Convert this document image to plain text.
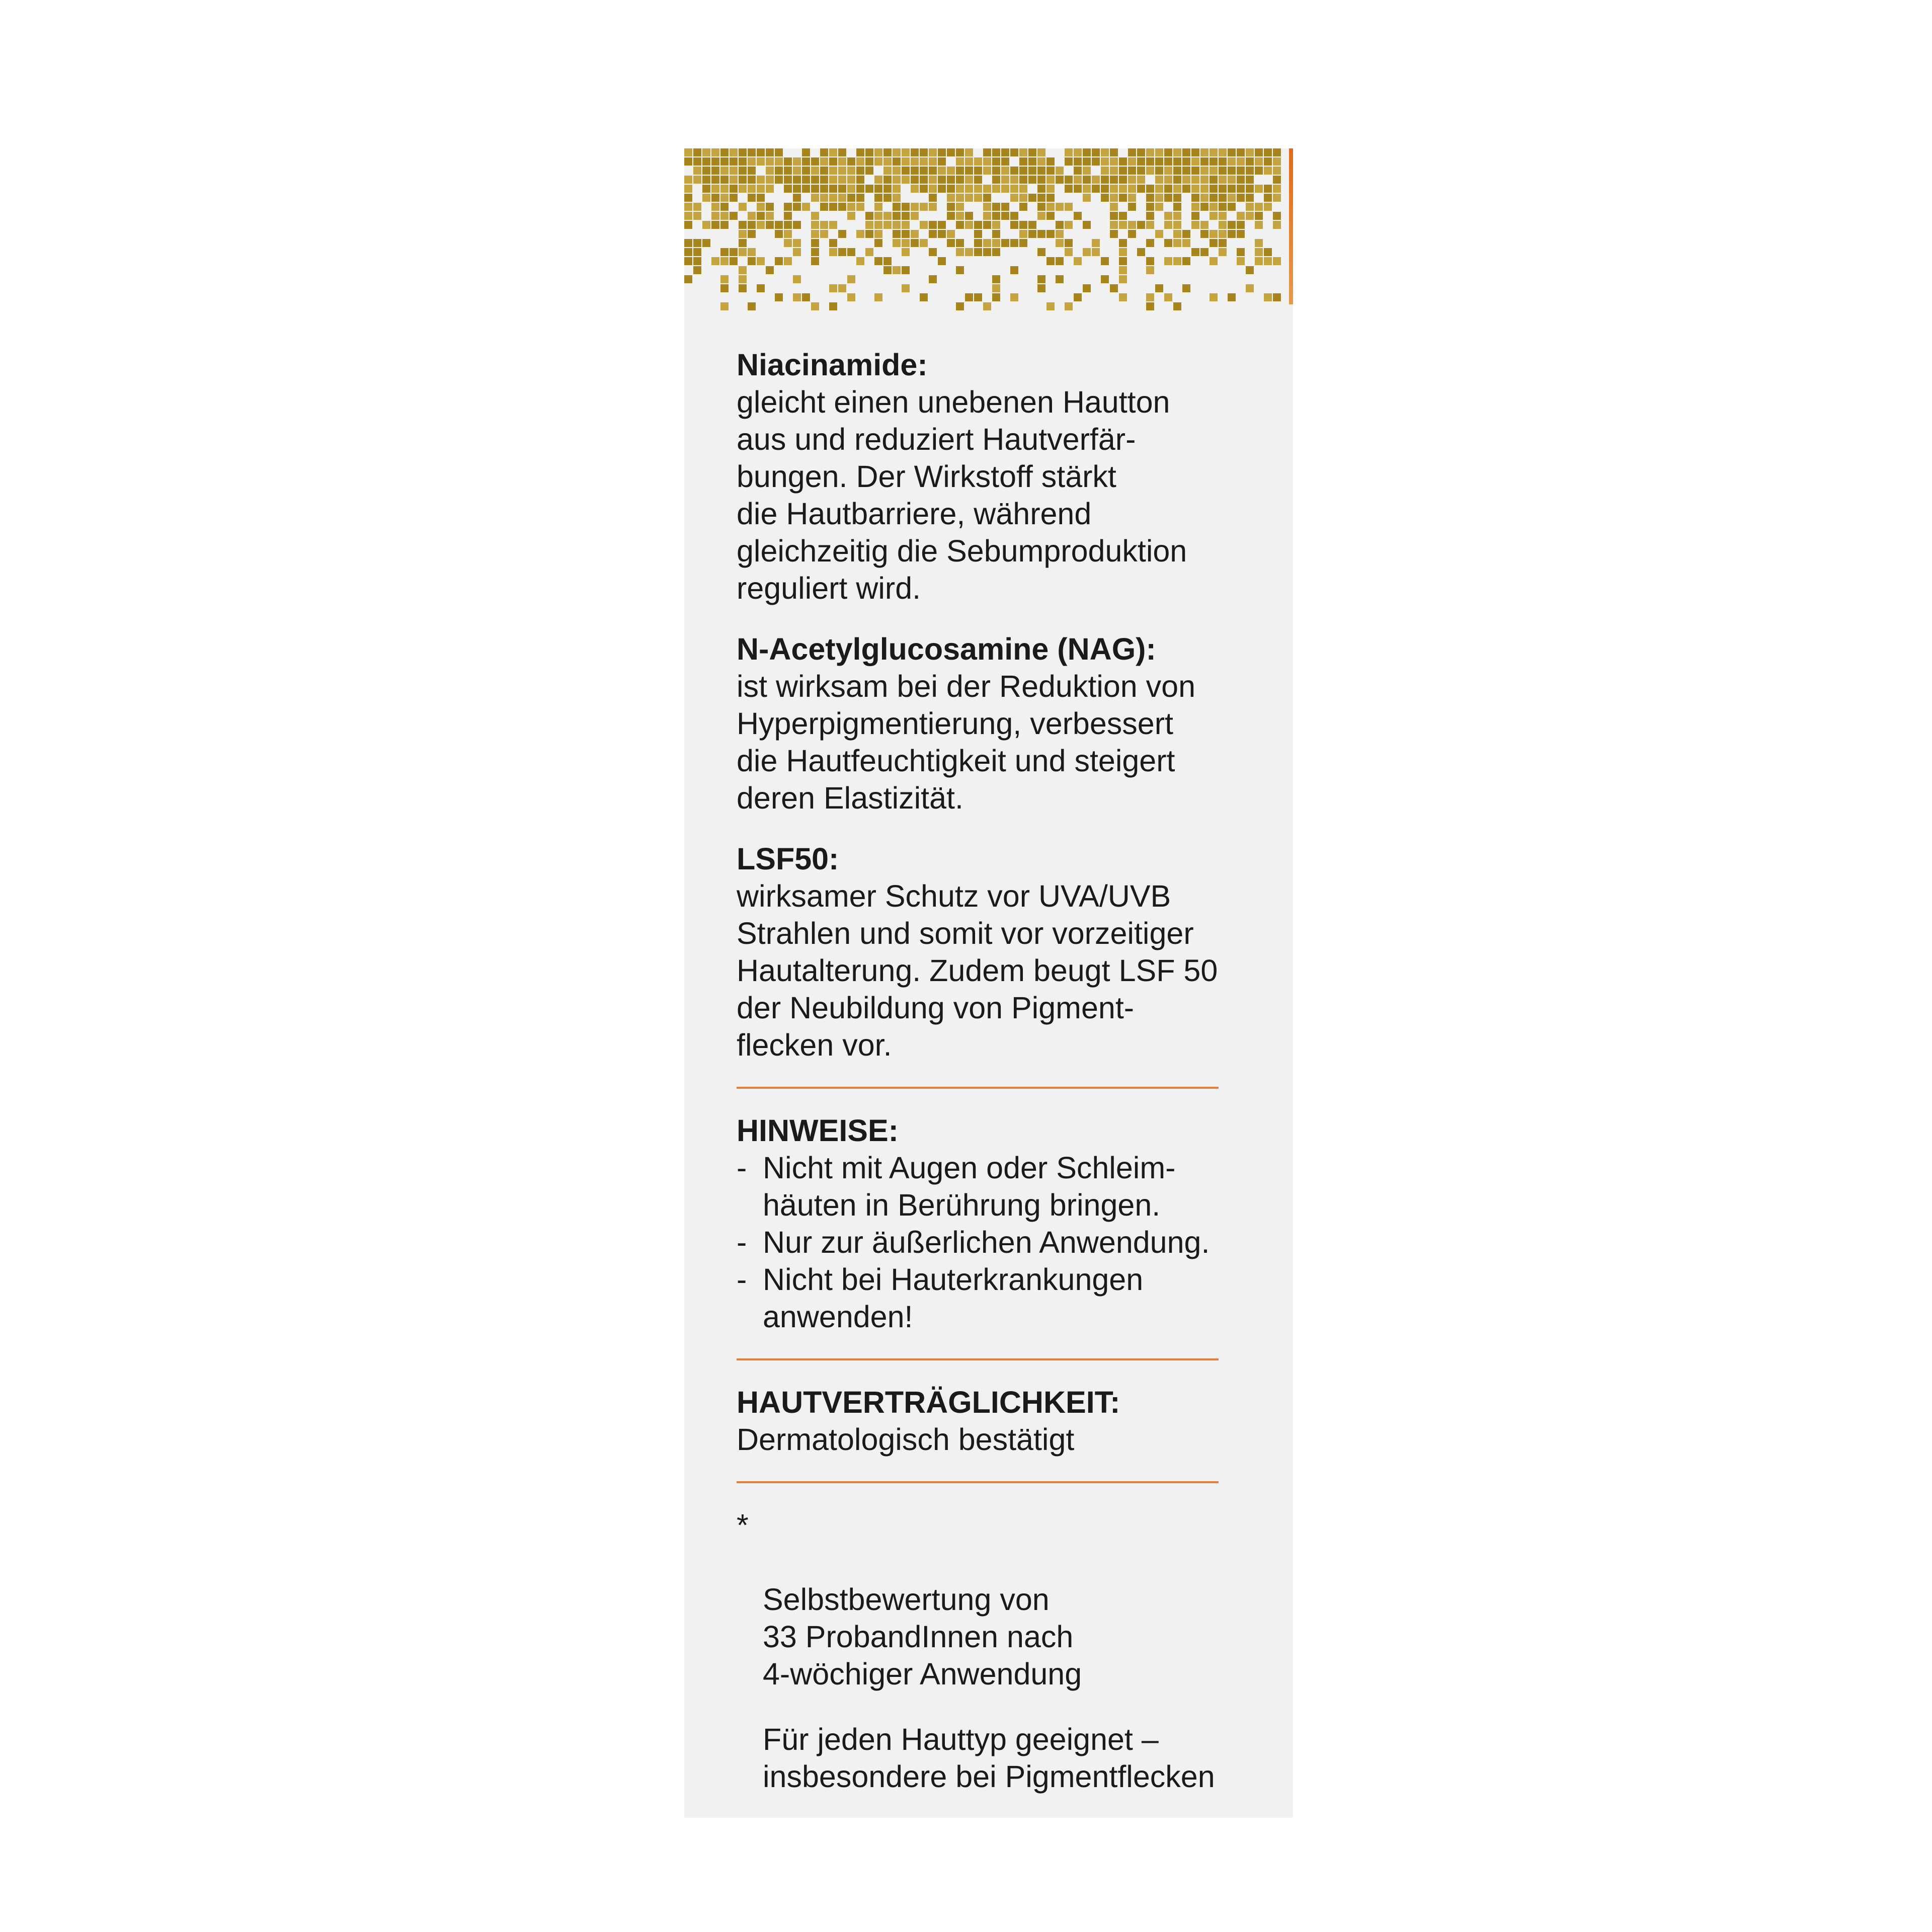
Niacinamide:

gleicht einen unebenen Hautton
aus und reduziert Hautverfär-
bungen. Der Wirkstoff stärkt
die Hautbarriere, während
gleichzeitig die Sebumproduktion
reguliert wird.

N-Acetylglucosamine (NAG):

ist wirksam bei der Reduktion von
Hyperpigmentierung, verbessert
die Hautfeuchtigkeit und steigert
deren Elastizität.

LSF50:

wirksamer Schutz vor UVA/UVB
Strahlen und somit vor vorzeitiger
Hautalterung. Zudem beugt LSF 50
der Neubildung von Pigment-
flecken vor.

HINWEISE:

- Nicht mit Augen oder Schleim-
häuten in Berührung bringen.
- Nur zur äußerlichen Anwendung.
- Nicht bei Hauterkrankungen
anwenden!

HAUTVERTRÄGLICHKEIT:

Dermatologisch bestätigt

*

Selbstbewertung von
33 ProbandInnen nach
4-wöchiger Anwendung

Für jeden Hauttyp geeignet –
insbesondere bei Pigmentflecken
